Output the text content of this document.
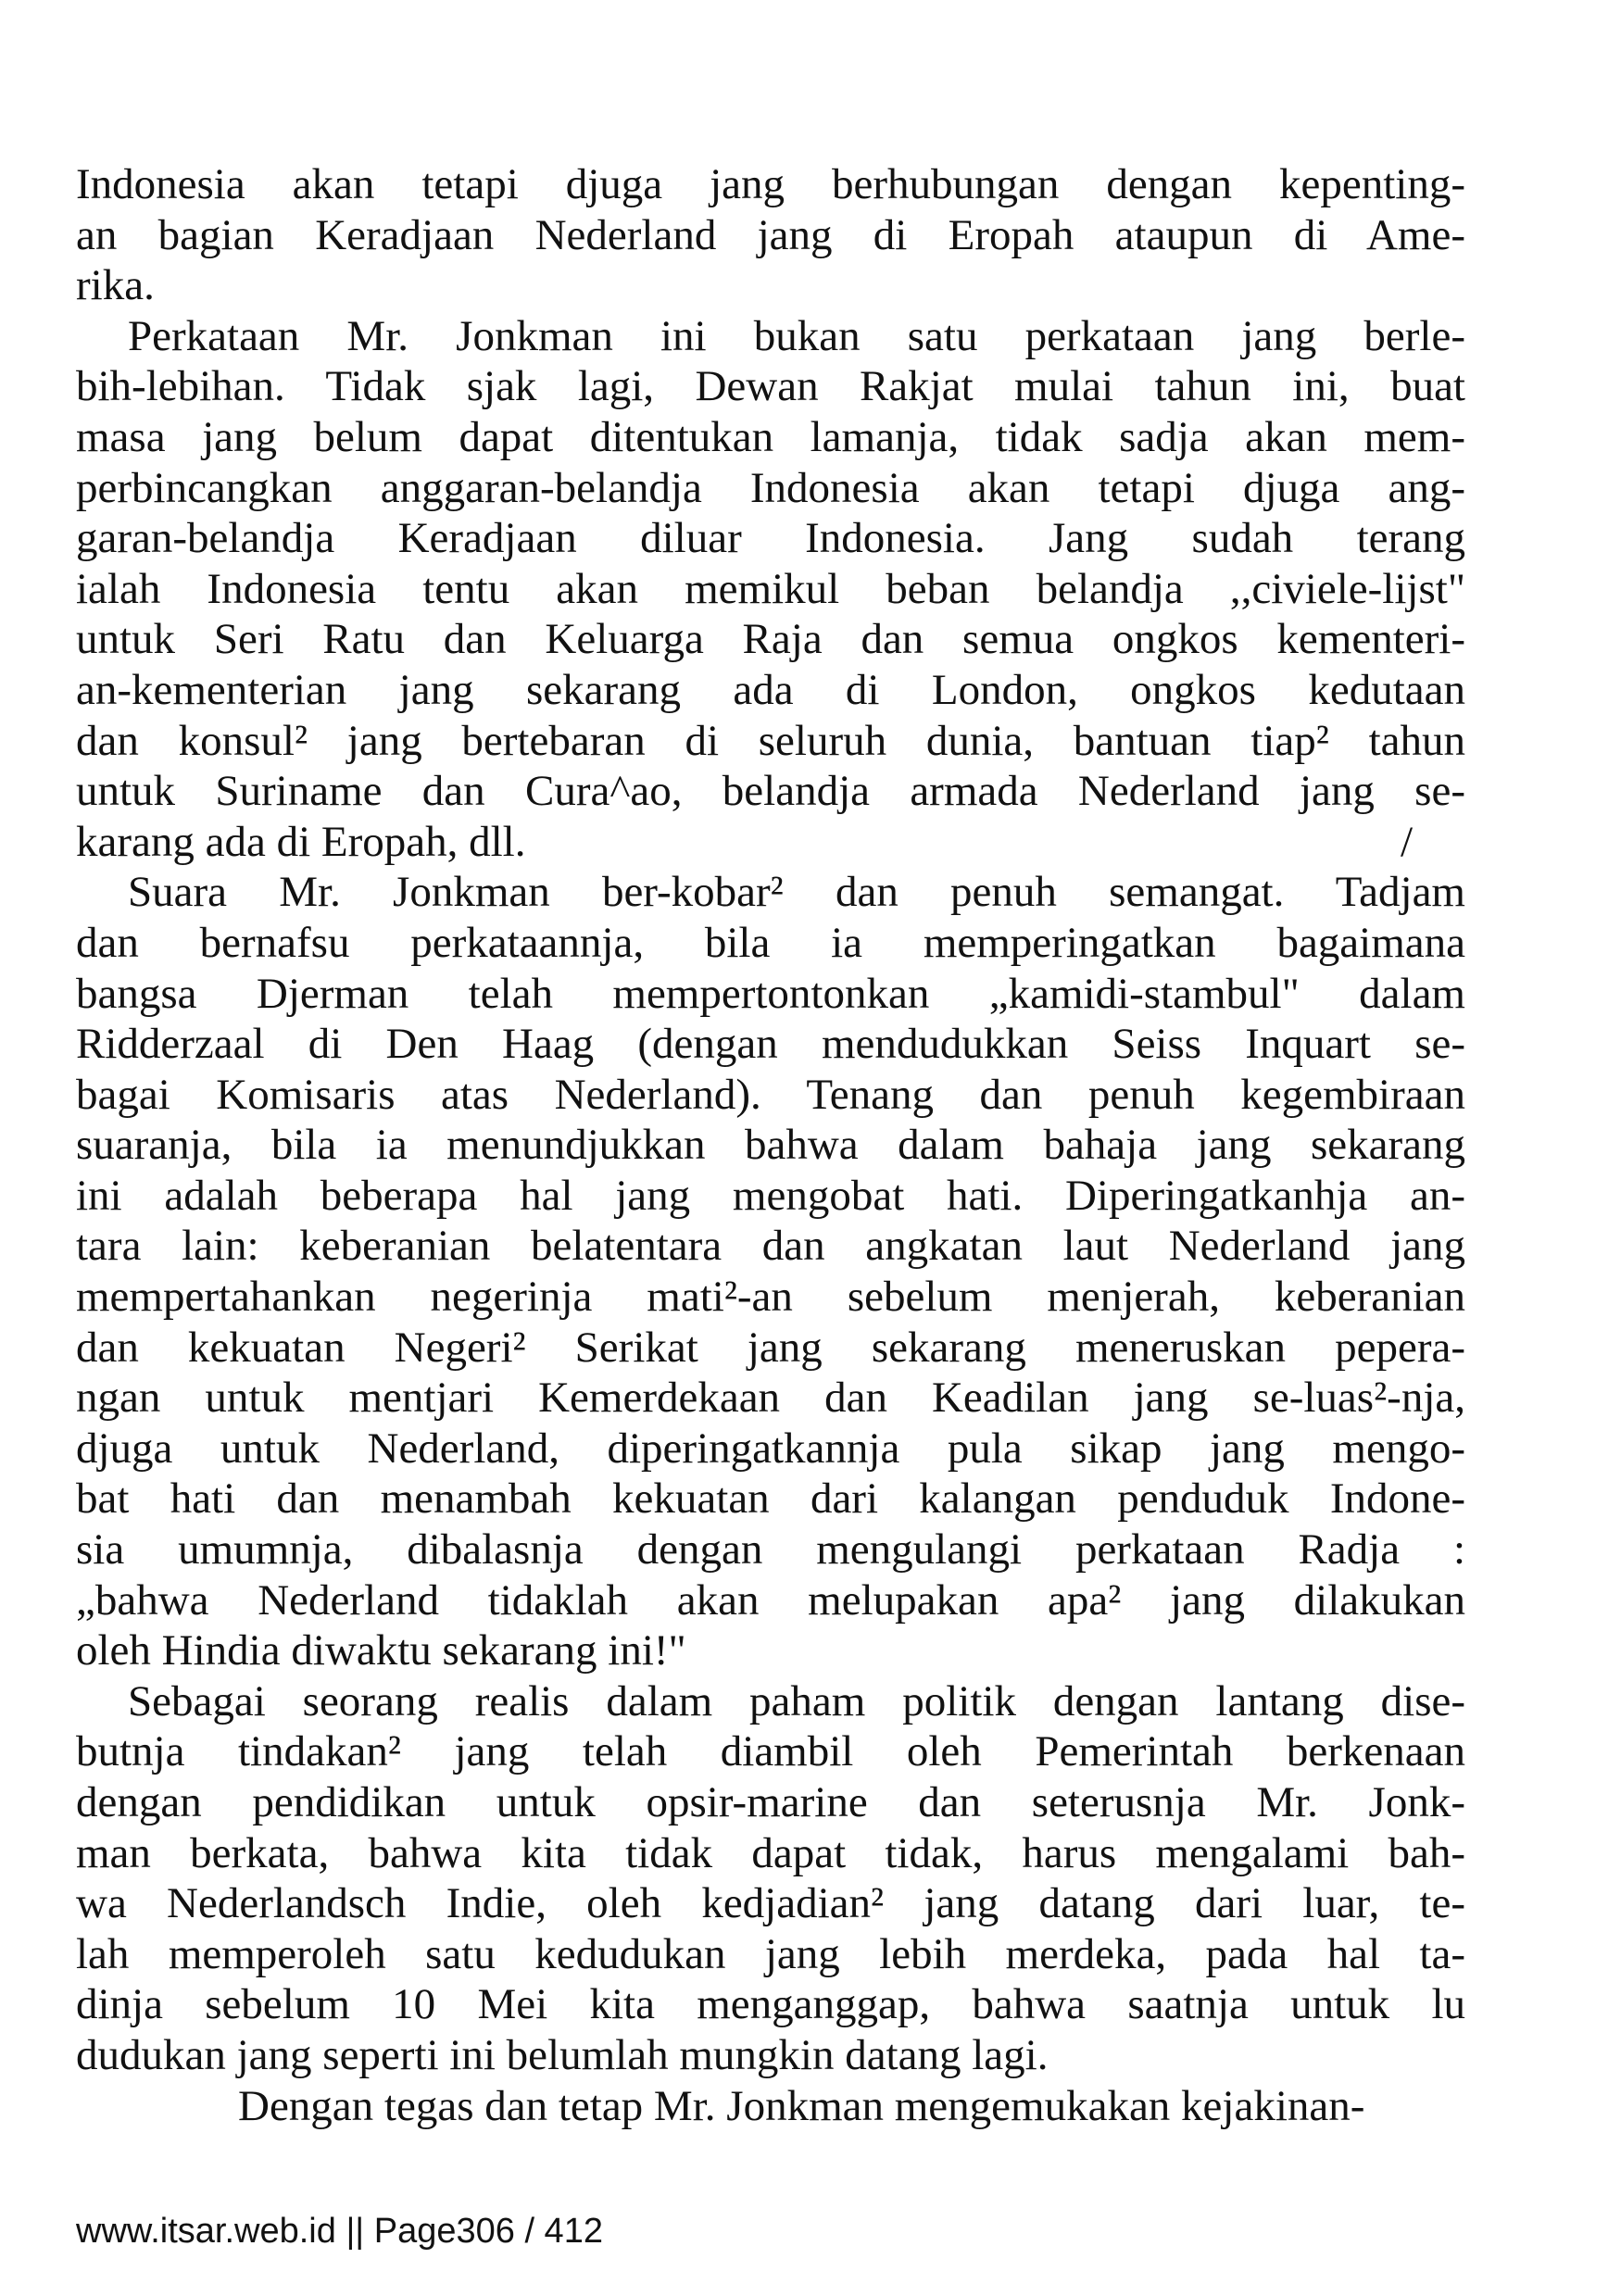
Indonesia akan tetapi djuga jang berhubungan dengan kepenting-
an bagian Keradjaan Nederland jang di Eropah ataupun di Ame-
rika.

Perkataan Mr. Jonkman ini bukan satu perkataan jang berle-
bih-lebihan. Tidak sjak lagi, Dewan Rakjat mulai tahun ini, buat
masa jang belum dapat ditentukan lamanja, tidak sadja akan mem-
perbincangkan anggaran-belandja Indonesia akan tetapi djuga ang-
garan-belandja Keradjaan diluar Indonesia. Jang sudah terang
ialah Indonesia tentu akan memikul beban belandja ,,civiele-lijst"
untuk Seri Ratu dan Keluarga Raja dan semua ongkos kementeri-
an-kementerian jang sekarang ada di London, ongkos kedutaan
dan konsul² jang bertebaran di seluruh dunia, bantuan tiap² tahun
untuk Suriname dan Cura^ao, belandja armada Nederland jang se-
karang ada di Eropah, dll.	/

Suara Mr. Jonkman ber-kobar² dan penuh semangat. Tadjam
dan bernafsu perkataannja, bila ia memperingatkan bagaimana
bangsa Djerman telah mempertontonkan „kamidi-stambul" dalam
Ridderzaal di Den Haag (dengan mendudukkan Seiss Inquart se-
bagai Komisaris atas Nederland). Tenang dan penuh kegembiraan
suaranja, bila ia menundjukkan bahwa dalam bahaja jang sekarang
ini adalah beberapa hal jang mengobat hati. Diperingatkanhja an-
tara lain: keberanian belatentara dan angkatan laut Nederland jang
mempertahankan negerinja mati²-an sebelum menjerah, keberanian
dan kekuatan Negeri² Serikat jang sekarang meneruskan pepera-
ngan untuk mentjari Kemerdekaan dan Keadilan jang se-luas²-nja,
djuga untuk Nederland, diperingatkannja pula sikap jang mengo-
bat hati dan menambah kekuatan dari kalangan penduduk Indone-
sia umumnja, dibalasnja dengan mengulangi perkataan Radja :
„bahwa Nederland tidaklah akan melupakan apa² jang dilakukan
oleh Hindia diwaktu sekarang ini!"

Sebagai seorang realis dalam paham politik dengan lantang dise-
butnja tindakan² jang telah diambil oleh Pemerintah berkenaan
dengan pendidikan untuk opsir-marine dan seterusnja Mr. Jonk-
man berkata, bahwa kita tidak dapat tidak, harus mengalami bah-
wa Nederlandsch Indie, oleh kedjadian² jang datang dari luar, te-
lah memperoleh satu kedudukan jang lebih merdeka, pada hal ta-
dinja sebelum 10 Mei kita menganggap, bahwa saatnja untuk lu
dudukan jang seperti ini belumlah mungkin datang lagi.

Dengan tegas dan tetap Mr. Jonkman mengemukakan kejakinan-

www.itsar.web.id || Page306 / 412
